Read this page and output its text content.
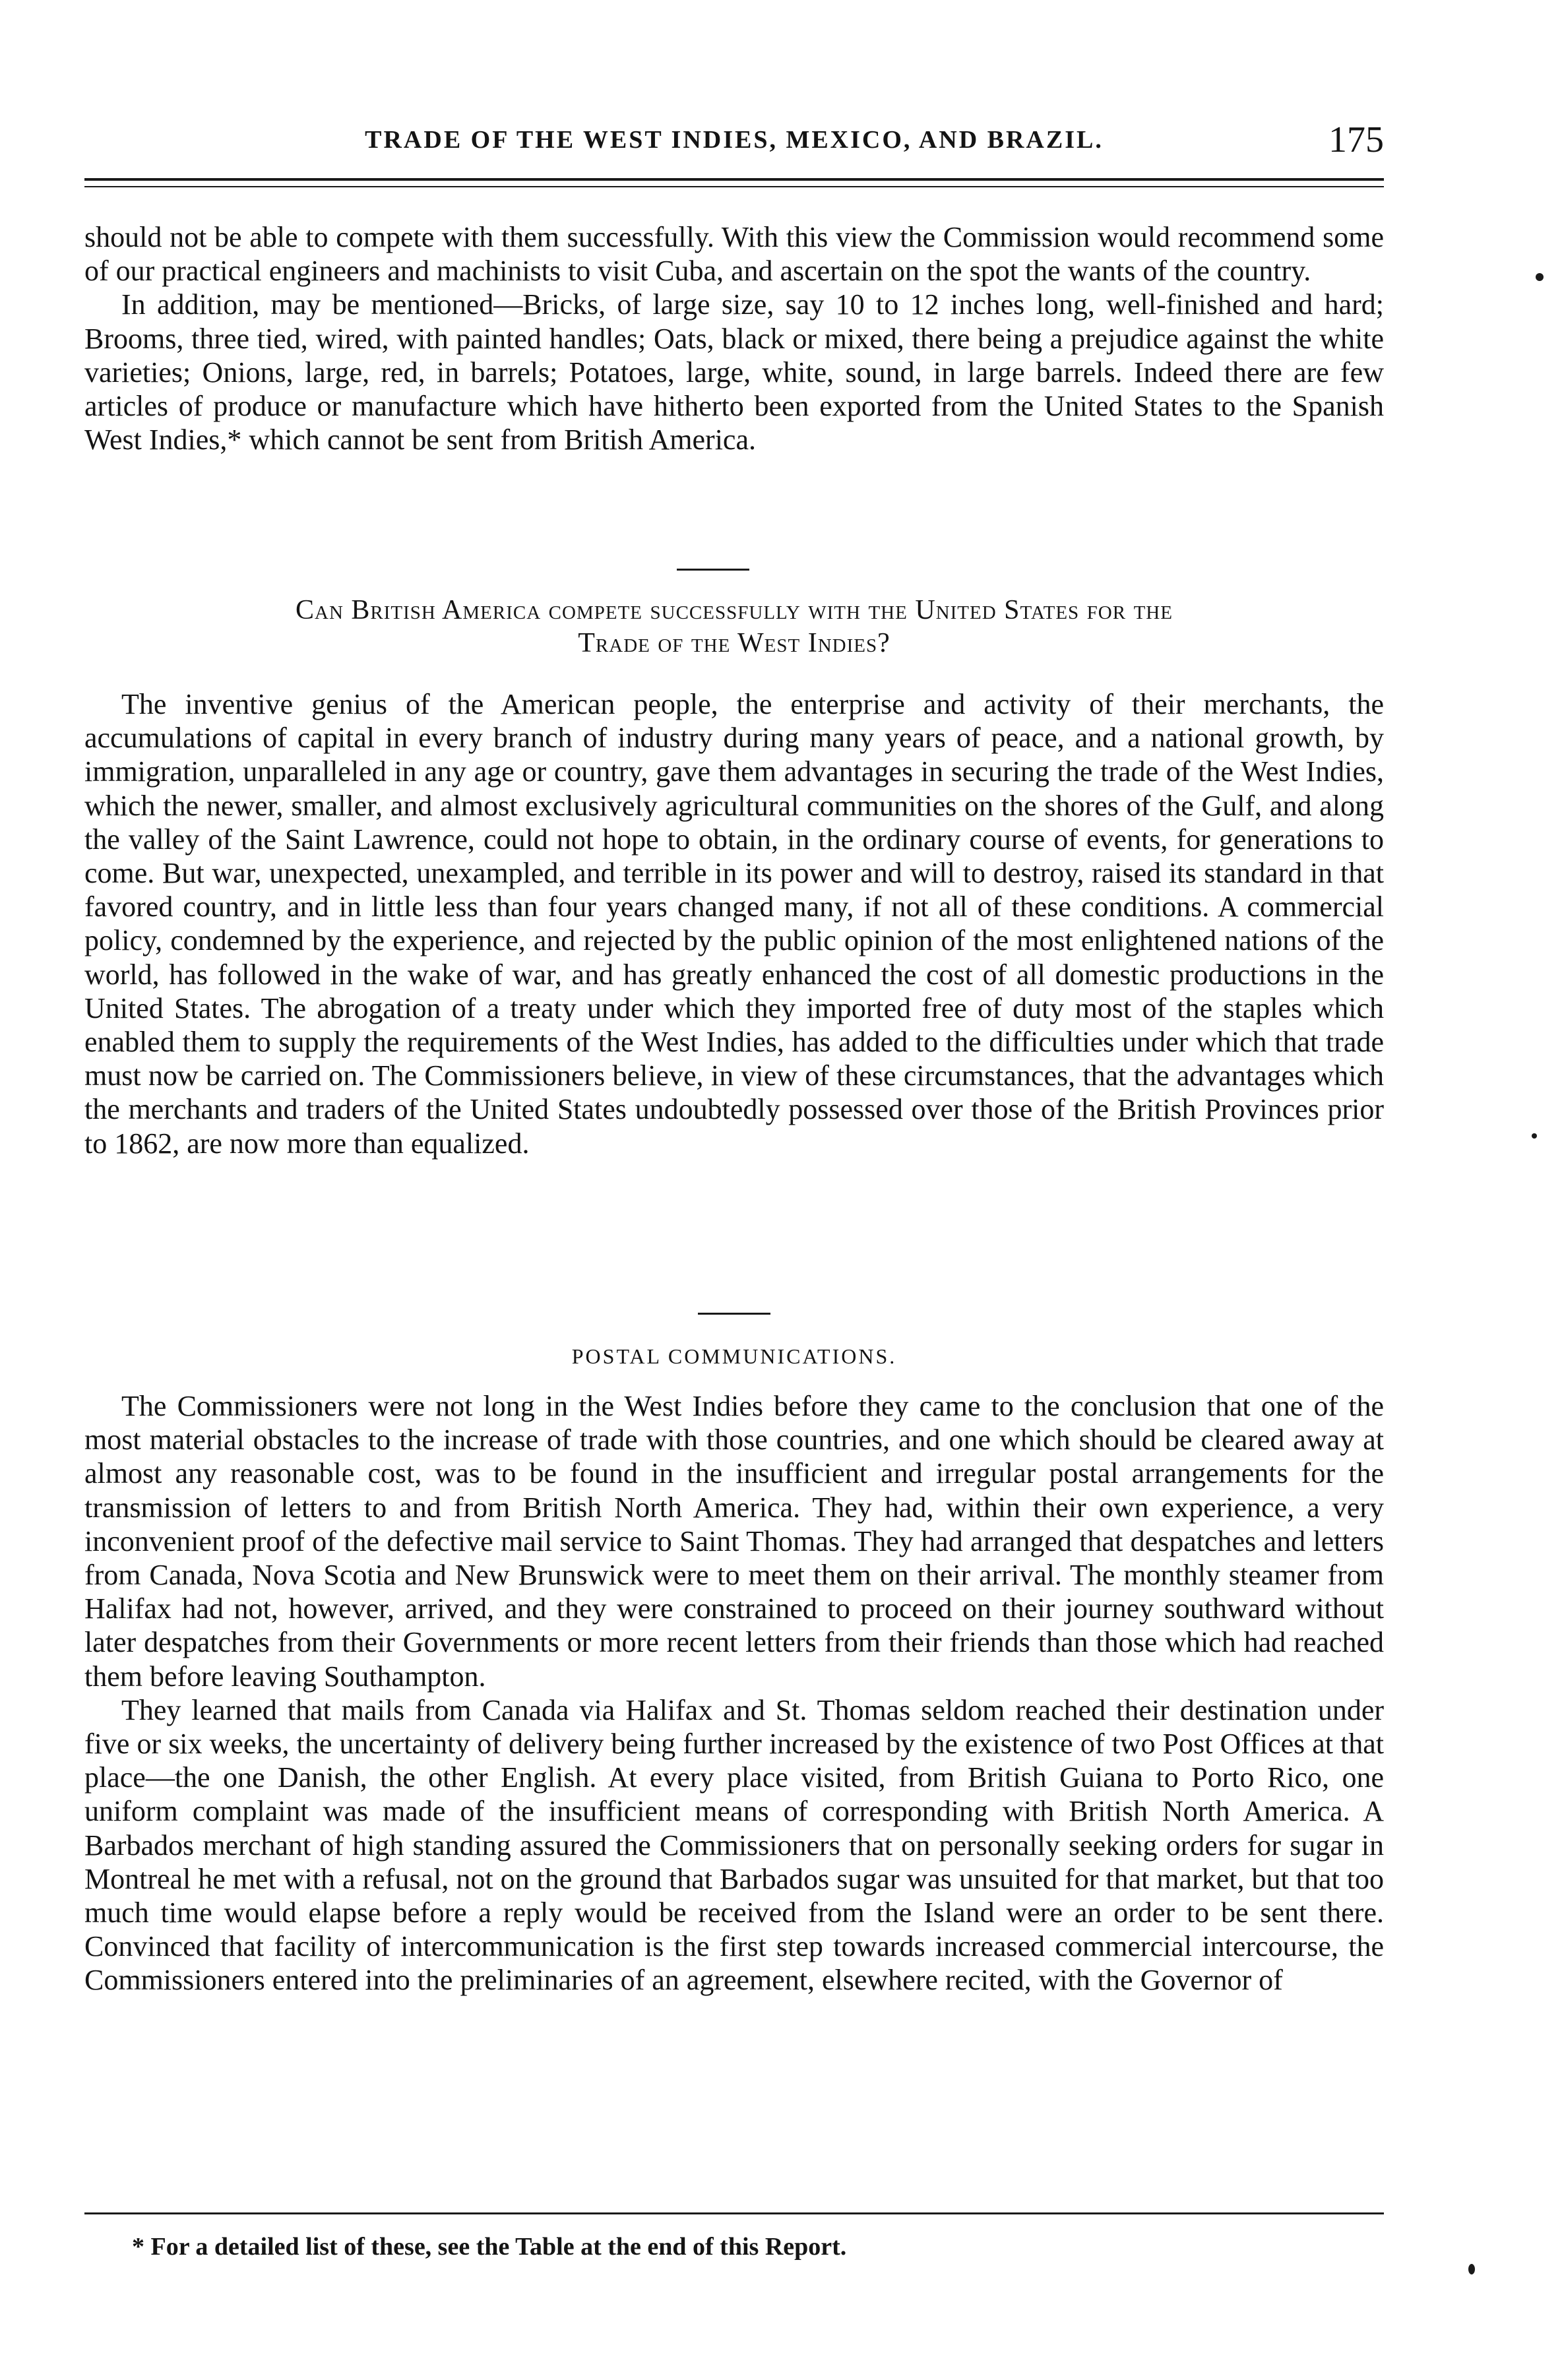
TRADE OF THE WEST INDIES, MEXICO, AND BRAZIL.	175

should not be able to compete with them successfully. With this view the Commission would recommend some of our practical engineers and machinists to visit Cuba, and ascertain on the spot the wants of the country.

In addition, may be mentioned—Bricks, of large size, say 10 to 12 inches long, well-finished and hard; Brooms, three tied, wired, with painted handles; Oats, black or mixed, there being a prejudice against the white varieties; Onions, large, red, in barrels; Potatoes, large, white, sound, in large barrels. Indeed there are few articles of produce or manufacture which have hitherto been exported from the United States to the Spanish West Indies,* which cannot be sent from British America.

Can British America compete successfully with the United States for the
Trade of the West Indies?

The inventive genius of the American people, the enterprise and activity of their merchants, the accumulations of capital in every branch of industry during many years of peace, and a national growth, by immigration, unparalleled in any age or country, gave them advantages in securing the trade of the West Indies, which the newer, smaller, and almost exclusively agricultural communities on the shores of the Gulf, and along the valley of the Saint Lawrence, could not hope to obtain, in the ordinary course of events, for generations to come. But war, unexpected, unexampled, and terrible in its power and will to destroy, raised its standard in that favored country, and in little less than four years changed many, if not all of these conditions. A commercial policy, condemned by the experience, and rejected by the public opinion of the most enlightened nations of the world, has followed in the wake of war, and has greatly enhanced the cost of all domestic productions in the United States. The abrogation of a treaty under which they imported free of duty most of the staples which enabled them to supply the requirements of the West Indies, has added to the difficulties under which that trade must now be carried on. The Commissioners believe, in view of these circumstances, that the advantages which the merchants and traders of the United States undoubtedly possessed over those of the British Provinces prior to 1862, are now more than equalized.

POSTAL COMMUNICATIONS.

The Commissioners were not long in the West Indies before they came to the conclusion that one of the most material obstacles to the increase of trade with those countries, and one which should be cleared away at almost any reasonable cost, was to be found in the insufficient and irregular postal arrangements for the transmission of letters to and from British North America. They had, within their own experience, a very inconvenient proof of the defective mail service to Saint Thomas. They had arranged that despatches and letters from Canada, Nova Scotia and New Brunswick were to meet them on their arrival. The monthly steamer from Halifax had not, however, arrived, and they were constrained to proceed on their journey southward without later despatches from their Governments or more recent letters from their friends than those which had reached them before leaving Southampton.

They learned that mails from Canada via Halifax and St. Thomas seldom reached their destination under five or six weeks, the uncertainty of delivery being further increased by the existence of two Post Offices at that place—the one Danish, the other English. At every place visited, from British Guiana to Porto Rico, one uniform complaint was made of the insufficient means of corresponding with British North America. A Barbados merchant of high standing assured the Commissioners that on personally seeking orders for sugar in Montreal he met with a refusal, not on the ground that Barbados sugar was unsuited for that market, but that too much time would elapse before a reply would be received from the Island were an order to be sent there. Convinced that facility of intercommunication is the first step towards increased commercial intercourse, the Commissioners entered into the preliminaries of an agreement, elsewhere recited, with the Governor of

* For a detailed list of these, see the Table at the end of this Report.
